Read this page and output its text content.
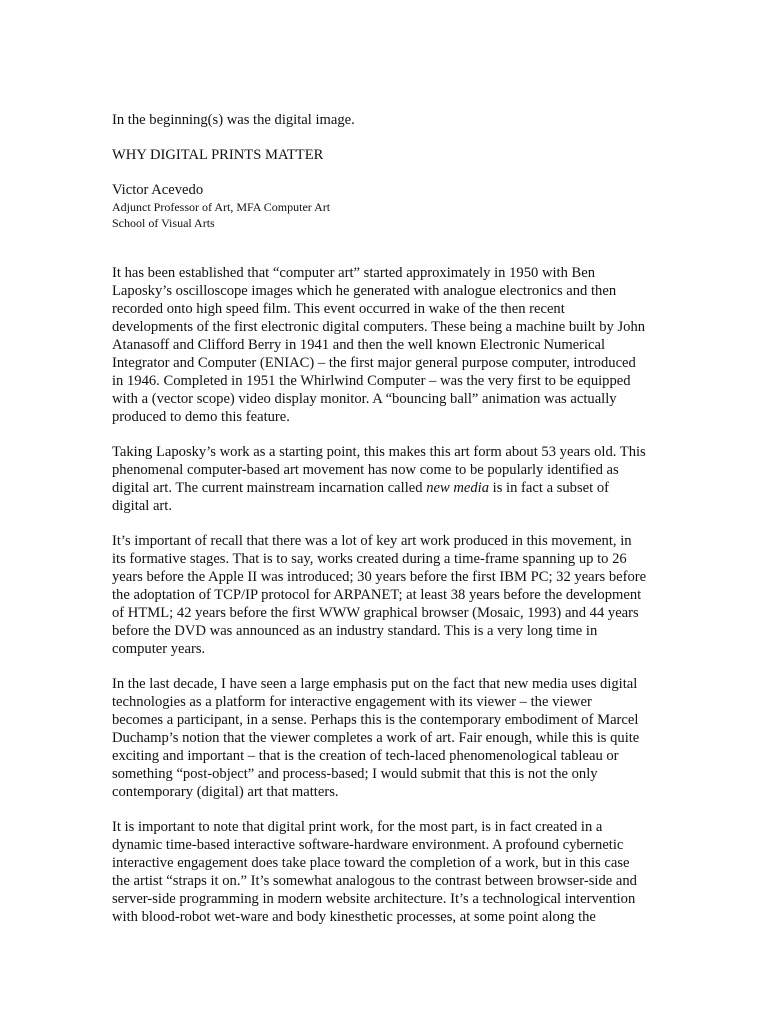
In the beginning(s) was the digital image.

WHY DIGITAL PRINTS MATTER

Victor Acevedo

Adjunct Professor of Art, MFA Computer Art

School of Visual Arts

It has been established that “computer art” started approximately in 1950 with Ben
Laposky’s oscilloscope images which he generated with analogue electronics and then
recorded onto high speed film. This event occurred in wake of the then recent
developments of the first electronic digital computers. These being a machine built by John
Atanasoff and Clifford Berry in 1941 and then the well known Electronic Numerical
Integrator and Computer (ENIAC) – the first major general purpose computer, introduced
in 1946. Completed in 1951 the Whirlwind Computer – was the very first to be equipped
with a (vector scope) video display monitor. A “bouncing ball” animation was actually
produced to demo this feature.
Taking Laposky’s work as a starting point, this makes this art form about 53 years old. This
phenomenal computer-based art movement has now come to be popularly identified as
digital art. The current mainstream incarnation called new media is in fact a subset of
digital art.
It’s important of recall that there was a lot of key art work produced in this movement, in
its formative stages. That is to say, works created during a time-frame spanning up to 26
years before the Apple II was introduced; 30 years before the first IBM PC; 32 years before
the adoptation of TCP/IP protocol for ARPANET; at least 38 years before the development
of HTML; 42 years before the first WWW graphical browser (Mosaic, 1993) and 44 years
before the DVD was announced as an industry standard. This is a very long time in
computer years.
In the last decade, I have seen a large emphasis put on the fact that new media uses digital
technologies as a platform for interactive engagement with its viewer – the viewer
becomes a participant, in a sense. Perhaps this is the contemporary embodiment of Marcel
Duchamp’s notion that the viewer completes a work of art. Fair enough, while this is quite
exciting and important – that is the creation of tech-laced phenomenological tableau or
something “post-object” and process-based; I would submit that this is not the only
contemporary (digital) art that matters.
It is important to note that digital print work, for the most part, is in fact created in a
dynamic time-based interactive software-hardware environment. A profound cybernetic
interactive engagement does take place toward the completion of a work, but in this case
the artist “straps it on.” It’s somewhat analogous to the contrast between browser-side and
server-side programming in modern website architecture. It’s a technological intervention
with blood-robot wet-ware and body kinesthetic processes, at some point along the
